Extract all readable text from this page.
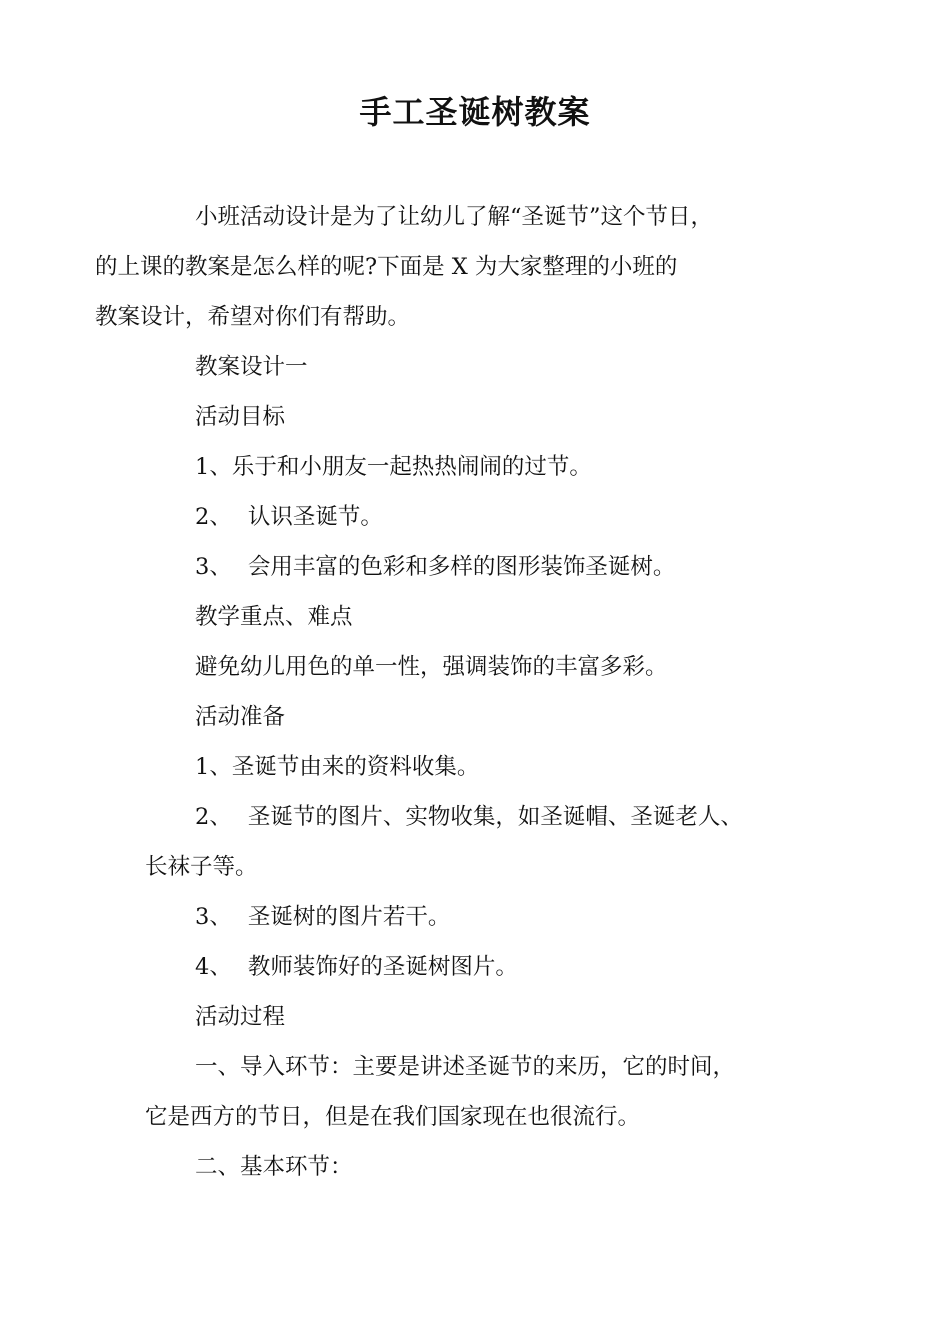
手工圣诞树教案

小班活动设计是为了让幼儿了解“圣诞节”这个节日，
的上课的教案是怎么样的呢?下面是 X 为大家整理的小班的
教案设计，希望对你们有帮助。

教案设计一

活动目标

1、乐于和小朋友一起热热闹闹的过节。

2、 认识圣诞节。

3、 会用丰富的色彩和多样的图形装饰圣诞树。

教学重点、难点

避免幼儿用色的单一性，强调装饰的丰富多彩。

活动准备

1、圣诞节由来的资料收集。

2、 圣诞节的图片、实物收集，如圣诞帽、圣诞老人、
长袜子等。

3、 圣诞树的图片若干。

4、 教师装饰好的圣诞树图片。

活动过程

一、导入环节：主要是讲述圣诞节的来历，它的时间，
它是西方的节日，但是在我们国家现在也很流行。

二、基本环节：
